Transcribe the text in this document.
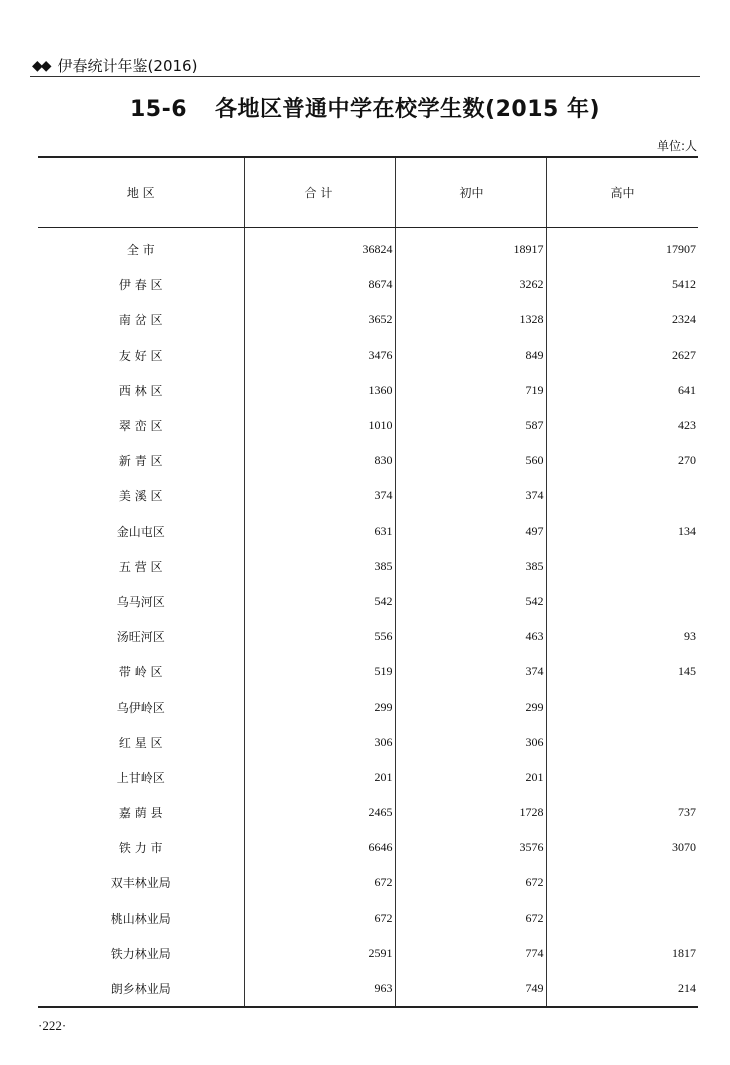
◆◆ 伊春统计年鉴(2016)
15-6 各地区普通中学在校学生数(2015 年)
单位:人
地 区	合 计	初中	高中
全 市	36824	18917	17907
伊 春 区	8674	3262	5412
南 岔 区	3652	1328	2324
友 好 区	3476	849	2627
西 林 区	1360	719	641
翠 峦 区	1010	587	423
新 青 区	830	560	270
美 溪 区	374	374	
金山屯区	631	497	134
五 营 区	385	385	
乌马河区	542	542	
汤旺河区	556	463	93
带 岭 区	519	374	145
乌伊岭区	299	299	
红 星 区	306	306	
上甘岭区	201	201	
嘉 荫 县	2465	1728	737
铁 力 市	6646	3576	3070
双丰林业局	672	672	
桃山林业局	672	672	
铁力林业局	2591	774	1817
朗乡林业局	963	749	214
·222·
